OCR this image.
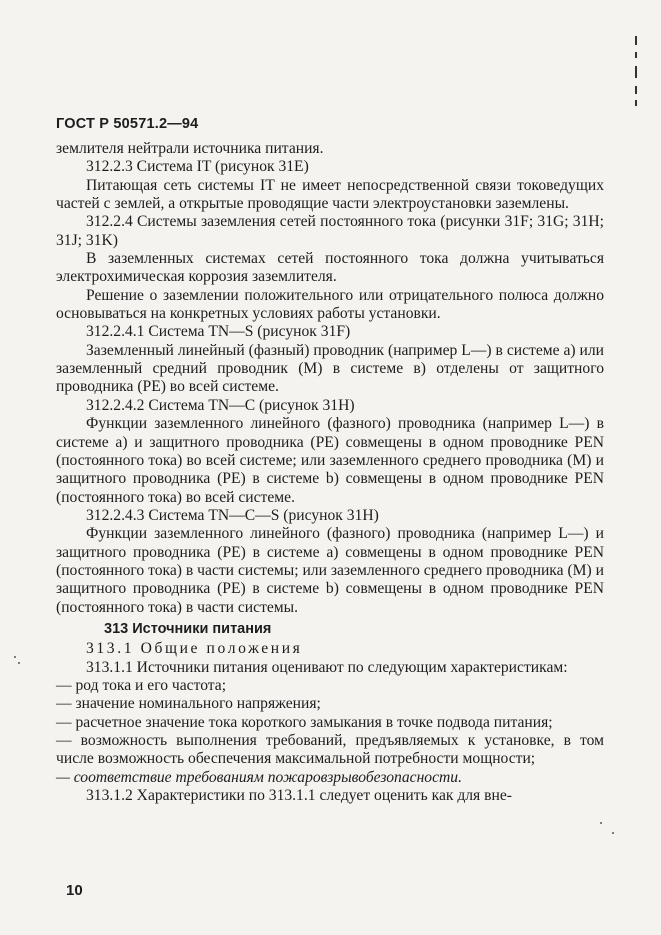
ГОСТ Р 50571.2—94

землителя нейтрали источника питания.

312.2.3 Система IT (рисунок 31E)

Питающая сеть системы IT не имеет непосредственной связи токоведущих частей с землей, а открытые проводящие части электроустановки заземлены.

312.2.4 Системы заземления сетей постоянного тока (рисунки 31F; 31G; 31H; 31J; 31K)

В заземленных системах сетей постоянного тока должна учитываться электрохимическая коррозия заземлителя.

Решение о заземлении положительного или отрицательного полюса должно основываться на конкретных условиях работы установки.

312.2.4.1 Система TN—S (рисунок 31F)

Заземленный линейный (фазный) проводник (например L—) в системе а) или заземленный средний проводник (M) в системе в) отделены от защитного проводника (PE) во всей системе.

312.2.4.2 Система TN—C (рисунок 31H)

Функции заземленного линейного (фазного) проводника (например L—) в системе а) и защитного проводника (PE) совмещены в одном проводнике PEN (постоянного тока) во всей системе; или заземленного среднего проводника (M) и защитного проводника (PE) в системе b) совмещены в одном проводнике PEN (постоянного тока) во всей системе.

312.2.4.3 Система TN—C—S (рисунок 31H)

Функции заземленного линейного (фазного) проводника (например L—) и защитного проводника (PE) в системе а) совмещены в одном проводнике PEN (постоянного тока) в части системы; или заземленного среднего проводника (M) и защитного проводника (PE) в системе b) совмещены в одном проводнике PEN (постоянного тока) в части системы.

313 Источники питания

313.1 Общие положения

313.1.1 Источники питания оценивают по следующим характеристикам:

— род тока и его частота;

— значение номинального напряжения;

— расчетное значение тока короткого замыкания в точке подвода питания;

— возможность выполнения требований, предъявляемых к установке, в том числе возможность обеспечения максимальной потребности мощности;

— соответствие требованиям пожаровзрывобезопасности.

313.1.2 Характеристики по 313.1.1 следует оценить как для вне-

10
